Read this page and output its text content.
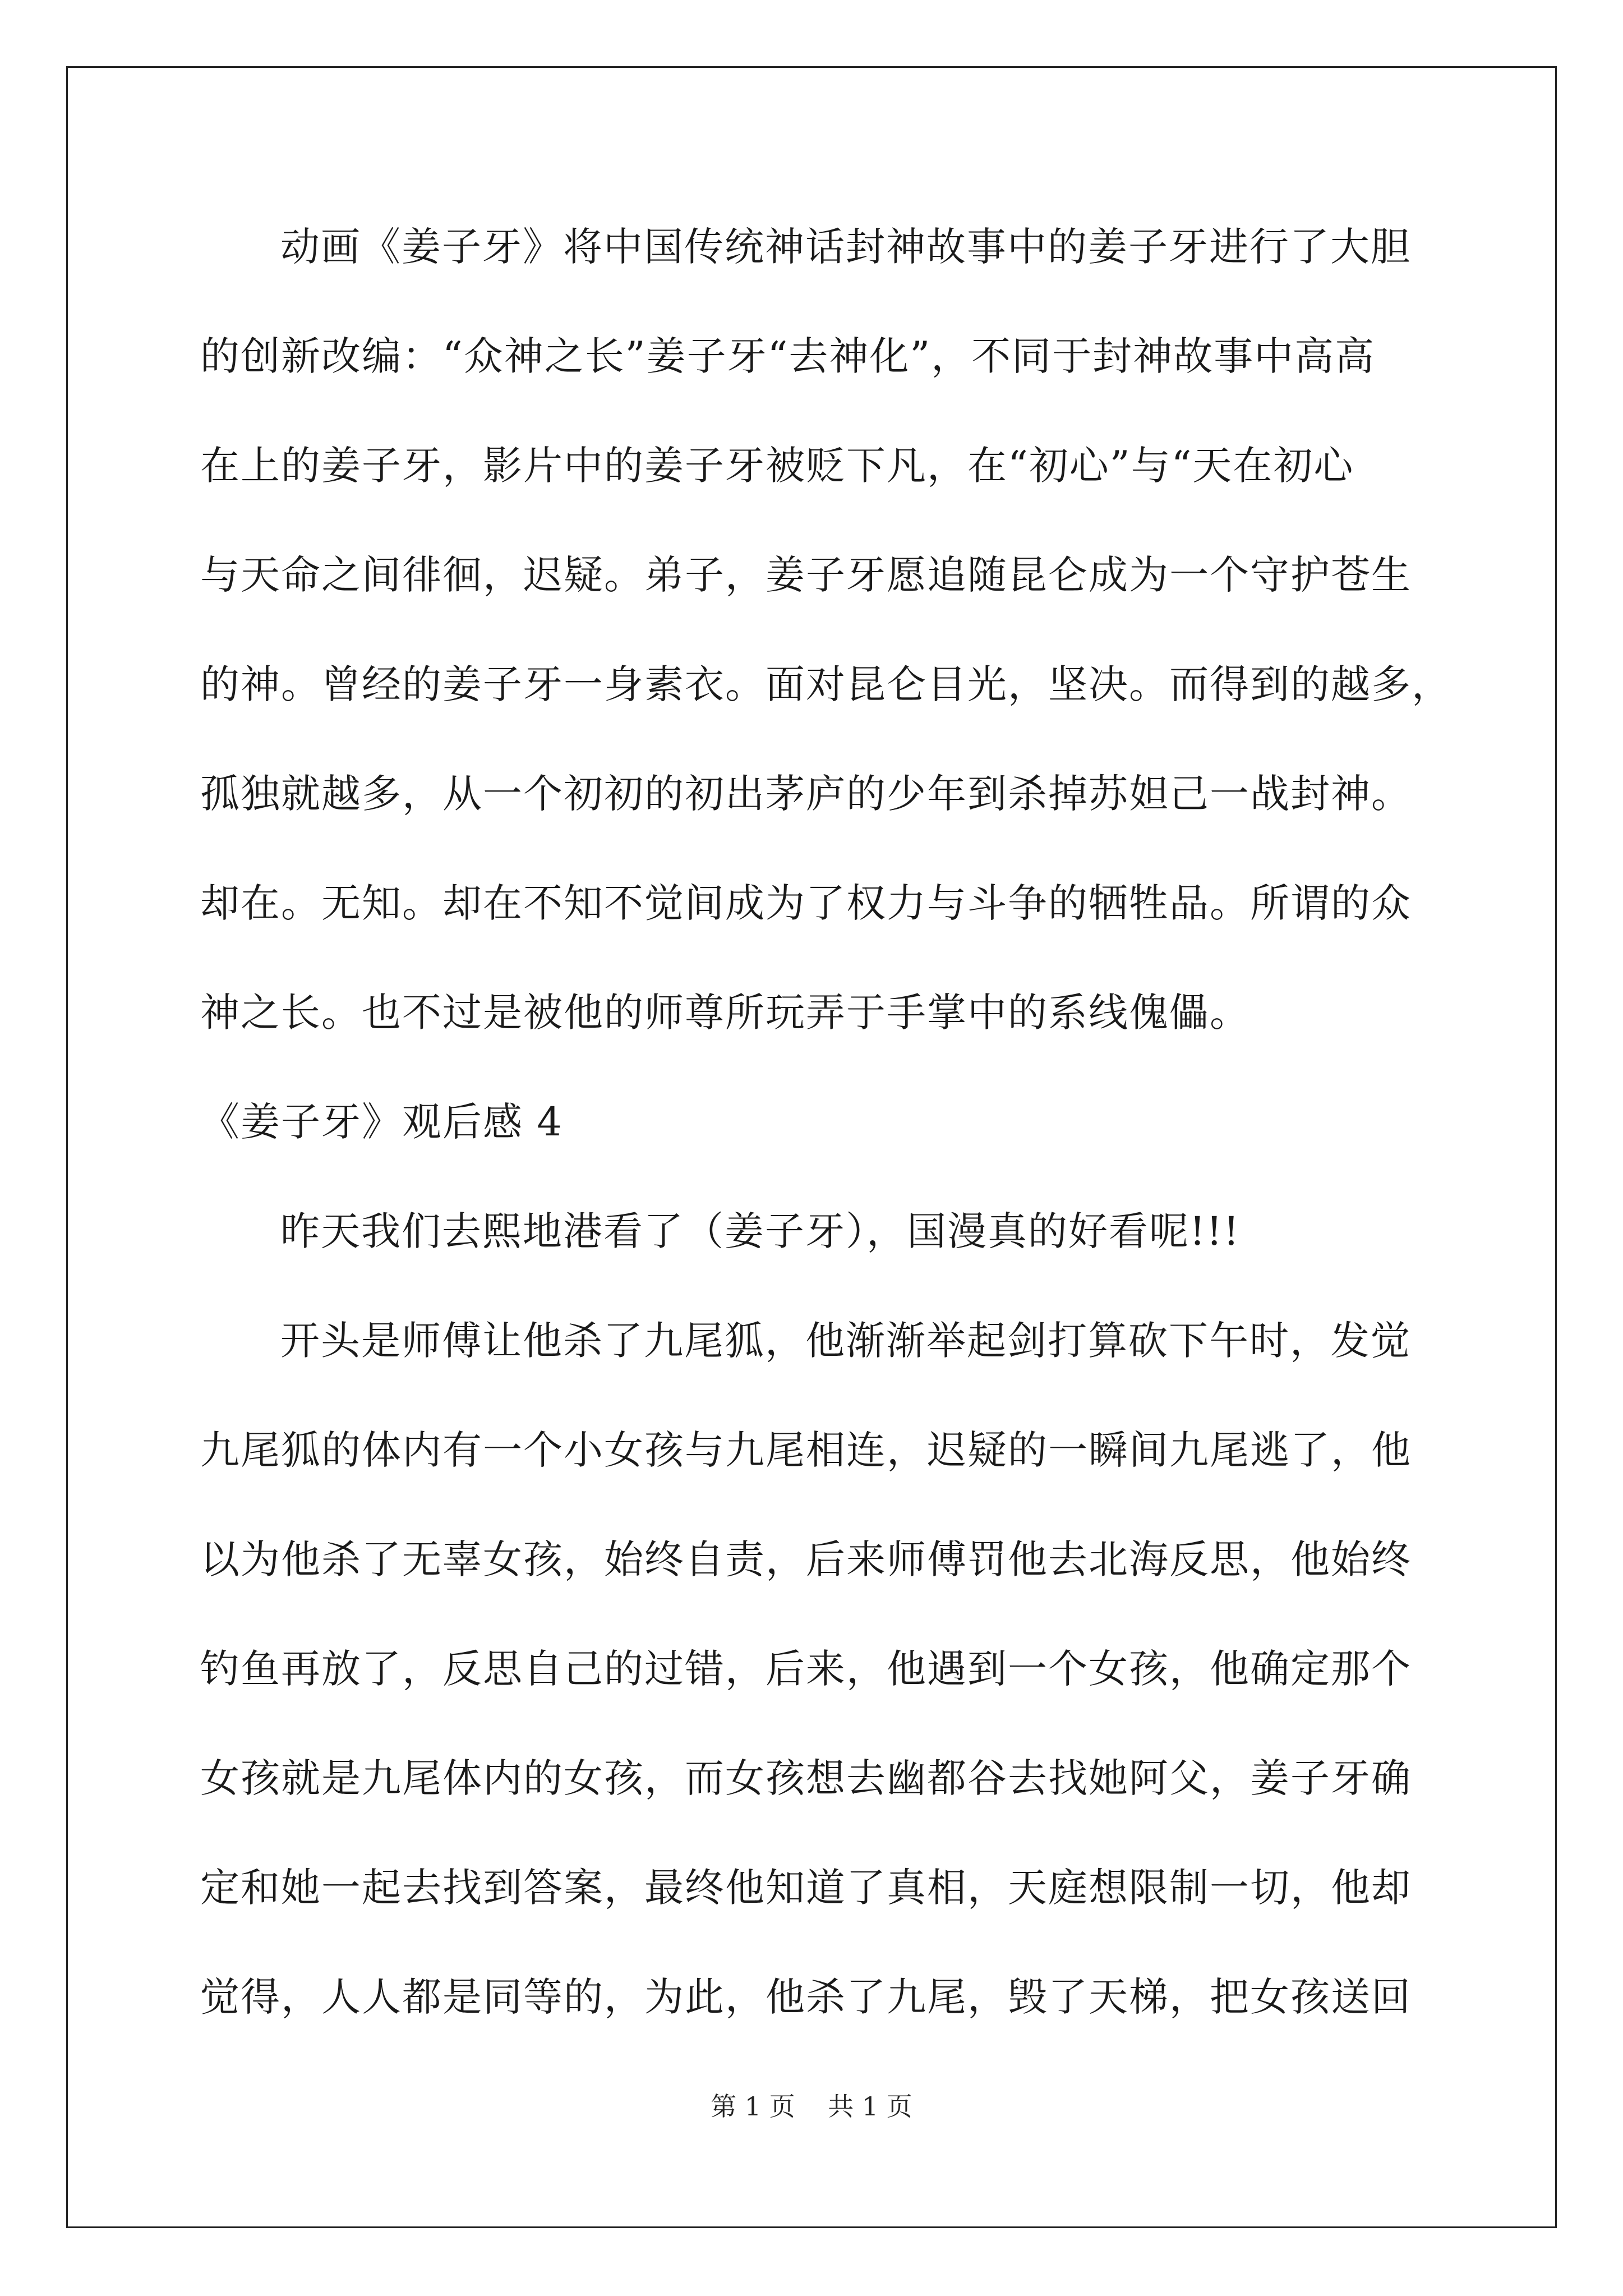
动画《姜子牙》将中国传统神话封神故事中的姜子牙进行了大胆
的创新改编：“众神之长”姜子牙“去神化”，不同于封神故事中高高
在上的姜子牙，影片中的姜子牙被贬下凡，在“初心”与“天在初心
与天命之间徘徊，迟疑。弟子，姜子牙愿追随昆仑成为一个守护苍生
的神。曾经的姜子牙一身素衣。面对昆仑目光，坚决。而得到的越多，
孤独就越多，从一个初初的初出茅庐的少年到杀掉苏妲己一战封神。
却在。无知。却在不知不觉间成为了权力与斗争的牺牲品。所谓的众
神之长。也不过是被他的师尊所玩弄于手掌中的系线傀儡。
《姜子牙》观后感 4
昨天我们去熙地港看了（姜子牙），国漫真的好看呢!!!
开头是师傅让他杀了九尾狐，他渐渐举起剑打算砍下午时，发觉
九尾狐的体内有一个小女孩与九尾相连，迟疑的一瞬间九尾逃了，他
以为他杀了无辜女孩，始终自责，后来师傅罚他去北海反思，他始终
钓鱼再放了，反思自己的过错，后来，他遇到一个女孩，他确定那个
女孩就是九尾体内的女孩，而女孩想去幽都谷去找她阿父，姜子牙确
定和她一起去找到答案，最终他知道了真相，天庭想限制一切，他却
觉得，人人都是同等的，为此，他杀了九尾，毁了天梯，把女孩送回
第 1 页    共 1 页
